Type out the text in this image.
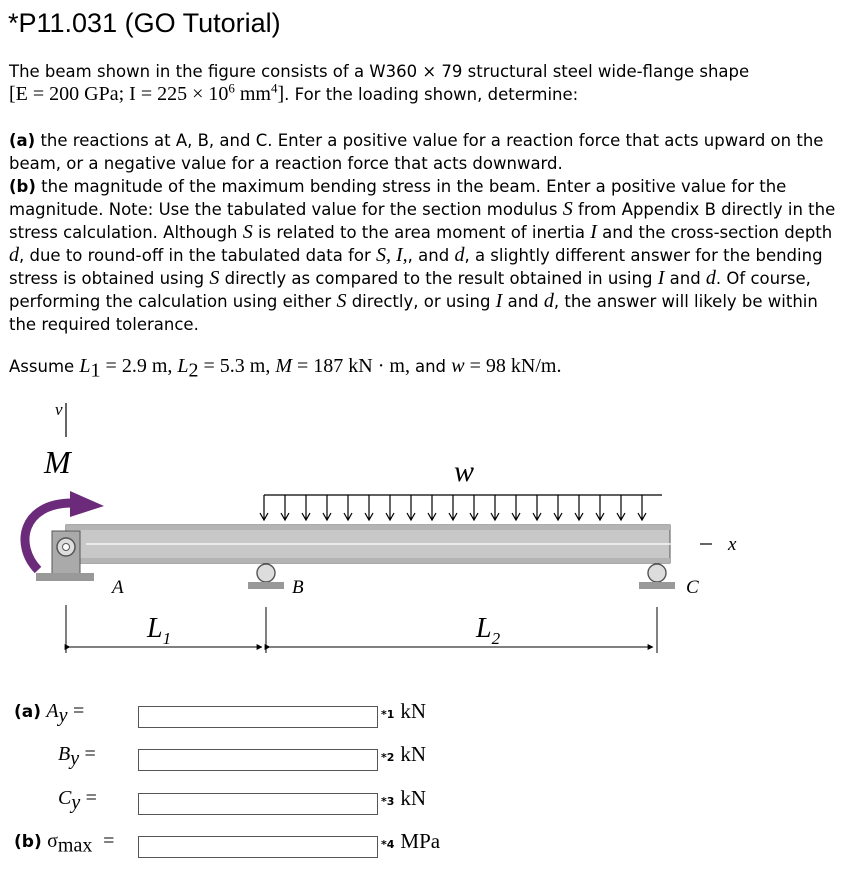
*P11.031 (GO Tutorial)

The beam shown in the figure consists of a W360 × 79 structural steel wide-flange shape
[E = 200 GPa; $I = 225 \times 10^6$ $mm^4$]. For the loading shown, determine:

(a) the reactions at A, B, and C. Enter a positive value for a reaction force that acts upward on the beam, or a negative value for a reaction force that acts downward.
(b) the magnitude of the maximum bending stress in the beam. Enter a positive value for the magnitude. Note: Use the tabulated value for the section modulus S from Appendix B directly in the stress calculation. Although S is related to the area moment of inertia I and the cross-section depth d, due to round-off in the tabulated data for S, I,, and d, a slightly different answer for the bending stress is obtained using S directly as compared to the result obtained in using I and d. Of course, performing the calculation using either S directly, or using I and d, the answer will likely be within the required tolerance.

Assume $L_1 = 2.9$ m, $L_2 = 5.3$ m, M = 187 kN · m, and w = 98 kN/m.

v
M	w
x
A	B	C
$L_1$	$L_2$
(a) $A_y$ =	*1 kN
$B_y$ =	*2 kN
$C_y$ =	*3 kN
(b) $\sigma_{max}$ =	*4 MPa
